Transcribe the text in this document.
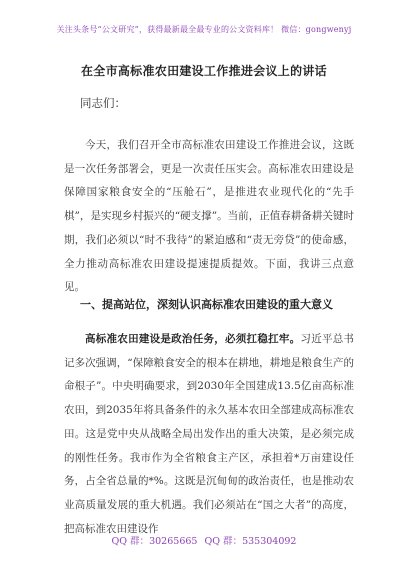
关注头条号“公文研究”，获得最新最全最专业的公文资料库！ 微信：gongwenyj
在全市高标准农田建设工作推进会议上的讲话
同志们：

今天，我们召开全市高标准农田建设工作推进会议，这既是一次任务部署会，更是一次责任压实会。高标准农田建设是保障国家粮食安全的“压舱石”，是推进农业现代化的“先手棋”，是实现乡村振兴的“硬支撑”。当前，正值春耕备耕关键时期，我们必须以“时不我待”的紧迫感和“责无旁贷”的使命感，全力推动高标准农田建设提速提质提效。下面，我讲三点意见。

一、提高站位，深刻认识高标准农田建设的重大意义

高标准农田建设是政治任务，必须扛稳扛牢。习近平总书记多次强调，“保障粮食安全的根本在耕地，耕地是粮食生产的命根子”。中央明确要求，到2030年全国建成13.5亿亩高标准农田，到2035年将具备条件的永久基本农田全部建成高标准农田。这是党中央从战略全局出发作出的重大决策，是必须完成的刚性任务。我市作为全省粮食主产区，承担着*万亩建设任务，占全省总量的*%。这既是沉甸甸的政治责任，也是推动农业高质量发展的重大机遇。我们必须站在“国之大者”的高度，把高标准农田建设作

QQ 群：30265665 QQ 群：535304092
